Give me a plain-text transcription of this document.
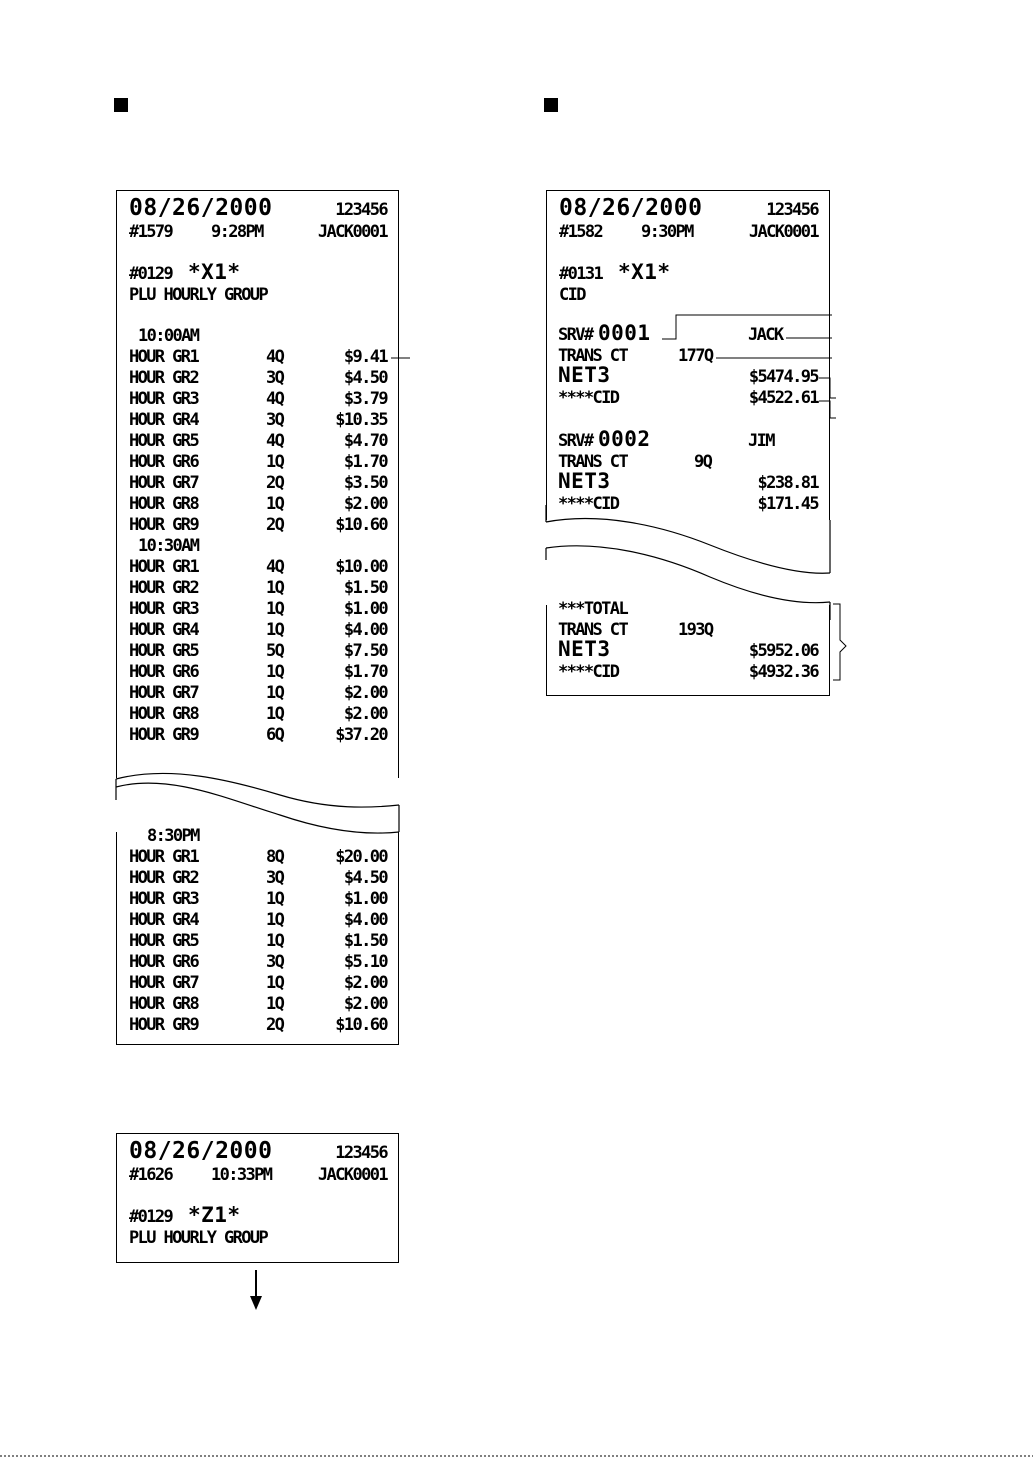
08/26/2000	123456
#1579 9:28PM	JACK0001
#0129 *X1*
PLU HOURLY GROUP
10:00AM
HOUR GR1	4Q	$9.41
HOUR GR2	3Q	$4.50
HOUR GR3	4Q	$3.79
HOUR GR4	3Q	$10.35
HOUR GR5	4Q	$4.70
HOUR GR6	1Q	$1.70
HOUR GR7	2Q	$3.50
HOUR GR8	1Q	$2.00
HOUR GR9	2Q	$10.60
10:30AM
HOUR GR1	4Q	$10.00
HOUR GR2	1Q	$1.50
HOUR GR3	1Q	$1.00
HOUR GR4	1Q	$4.00
HOUR GR5	5Q	$7.50
HOUR GR6	1Q	$1.70
HOUR GR7	1Q	$2.00
HOUR GR8	1Q	$2.00
HOUR GR9	6Q	$37.20
8:30PM
HOUR GR1	8Q	$20.00
HOUR GR2	3Q	$4.50
HOUR GR3	1Q	$1.00
HOUR GR4	1Q	$4.00
HOUR GR5	1Q	$1.50
HOUR GR6	3Q	$5.10
HOUR GR7	1Q	$2.00
HOUR GR8	1Q	$2.00
HOUR GR9	2Q	$10.60
08/26/2000	123456
#1626 10:33PM	JACK0001
#0129 *Z1*
PLU HOURLY GROUP
08/26/2000	123456
#1582 9:30PM	JACK0001
#0131 *X1*
CID
SRV# 0001	JACK
TRANS CT	177Q
NET3	$5474.95
****CID	$4522.61
SRV# 0002	JIM
TRANS CT	9Q
NET3	$238.81
****CID	$171.45
***TOTAL
TRANS CT	193Q
NET3	$5952.06
****CID	$4932.36
